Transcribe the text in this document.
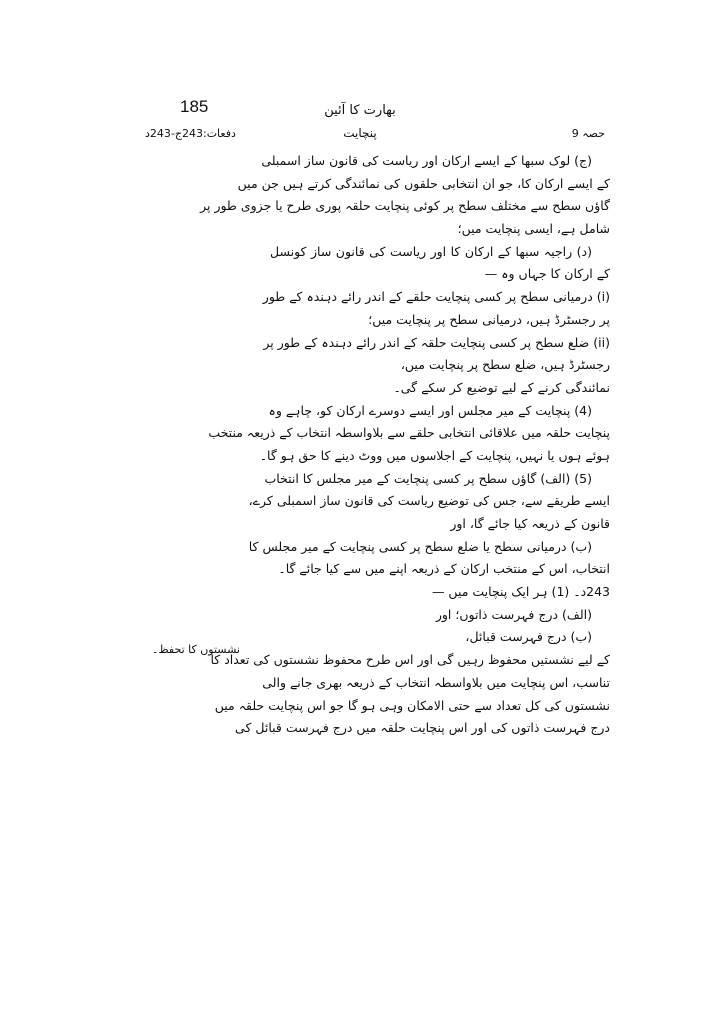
185	بھارت کا آئین
پنچایت
دفعات:243ج-243د	حصہ 9
نشستوں کا تحفظ۔
(ج) لوک سبھا کے ایسے ارکان اور ریاست کی قانون ساز اسمبلی
کے ایسے ارکان کا، جو ان انتخابی حلقوں کی نمائندگی کرتے ہیں جن میں
گاؤں سطح سے مختلف سطح پر کوئی پنچایت حلقہ پوری طرح یا جزوی طور پر
شامل ہے، ایسی پنچایت میں؛
(د) راجیہ سبھا کے ارکان کا اور ریاست کی قانون ساز کونسل
کے ارکان کا جہاں وہ —
(i) درمیانی سطح پر کسی پنچایت حلقے کے اندر رائے دہندہ کے طور
پر رجسٹرڈ ہیں، درمیانی سطح پر پنچایت میں؛
(ii) ضلع سطح پر کسی پنچایت حلقہ کے اندر رائے دہندہ کے طور پر
رجسٹرڈ ہیں، ضلع سطح پر پنچایت میں،
نمائندگی کرنے کے لیے توضیع کر سکے گی۔
(4) پنچایت کے میر مجلس اور ایسے دوسرے ارکان کو، چاہے وہ
پنچایت حلقہ میں علاقائی انتخابی حلقے سے بلاواسطہ انتخاب کے ذریعہ منتخب
ہوئے ہوں یا نہیں، پنچایت کے اجلاسوں میں ووٹ دینے کا حق ہو گا۔
(5) (الف) گاؤں سطح پر کسی پنچایت کے میر مجلس کا انتخاب
ایسے طریقے سے، جس کی توضیع ریاست کی قانون ساز اسمبلی کرے،
قانون کے ذریعہ کیا جائے گا، اور
(ب) درمیانی سطح یا ضلع سطح پر کسی پنچایت کے میر مجلس کا
انتخاب، اس کے منتخب ارکان کے ذریعہ اپنے میں سے کیا جائے گا۔
243د۔ (1) ہر ایک پنچایت میں —
(الف) درج فہرست ذاتوں؛ اور
(ب) درج فہرست قبائل،
کے لیے نشستیں محفوظ رہیں گی اور اس طرح محفوظ نشستوں کی تعداد کا
تناسب، اس پنچایت میں بلاواسطہ انتخاب کے ذریعہ بھری جانے والی
نشستوں کی کل تعداد سے حتی الامکان وہی ہو گا جو اس پنچایت حلقہ میں
درج فہرست ذاتوں کی اور اس پنچایت حلقہ میں درج فہرست قبائل کی
